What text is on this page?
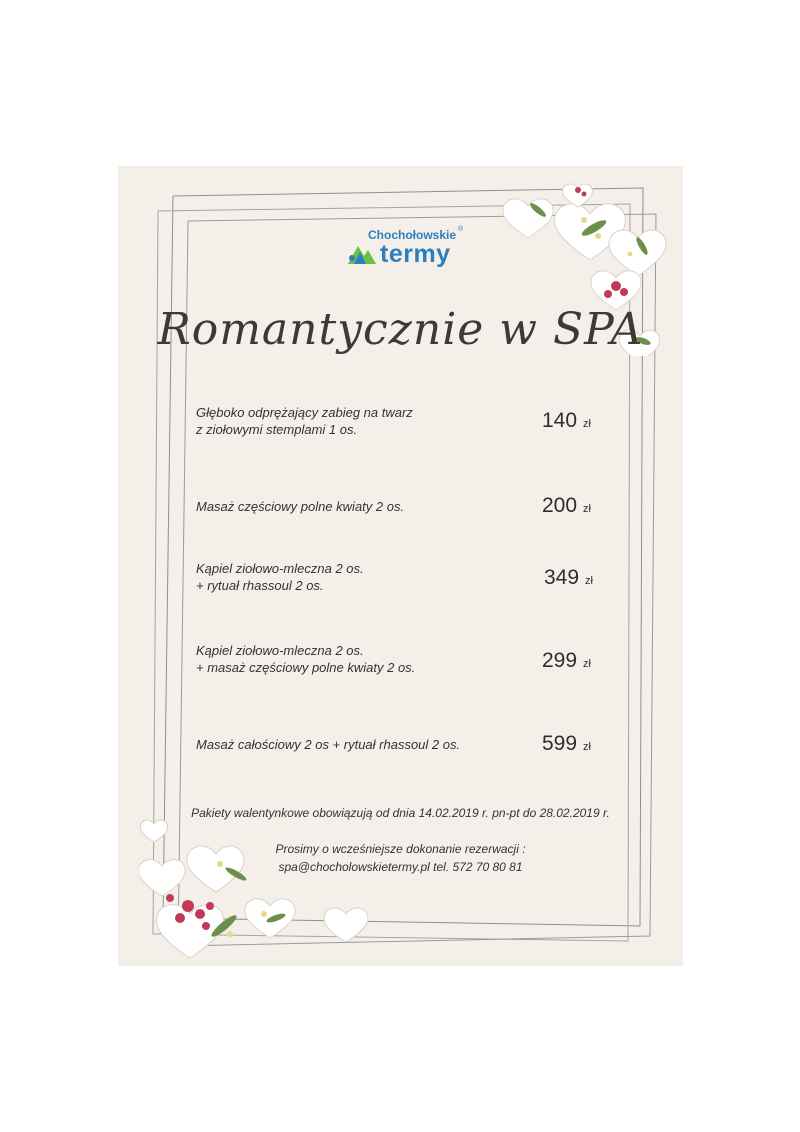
Chochołowskie ®
termy
Romantycznie w SPA
Głęboko odprężający zabieg na twarz
z ziołowymi stemplami 1 os.	140 zł
Masaż częściowy polne kwiaty 2 os.	200 zł
Kąpiel ziołowo-mleczna 2 os.
+ rytuał rhassoul 2 os.	349 zł
Kąpiel ziołowo-mleczna 2 os.
+ masaż częściowy polne kwiaty 2 os.	299 zł
Masaż całościowy 2 os + rytuał rhassoul 2 os.	599 zł
Pakiety walentynkowe obowiązują od dnia 14.02.2019 r. pn-pt do 28.02.2019 r.
Prosimy o wcześniejsze dokonanie rezerwacji :
spa@chocholowskietermy.pl tel. 572 70 80 81
